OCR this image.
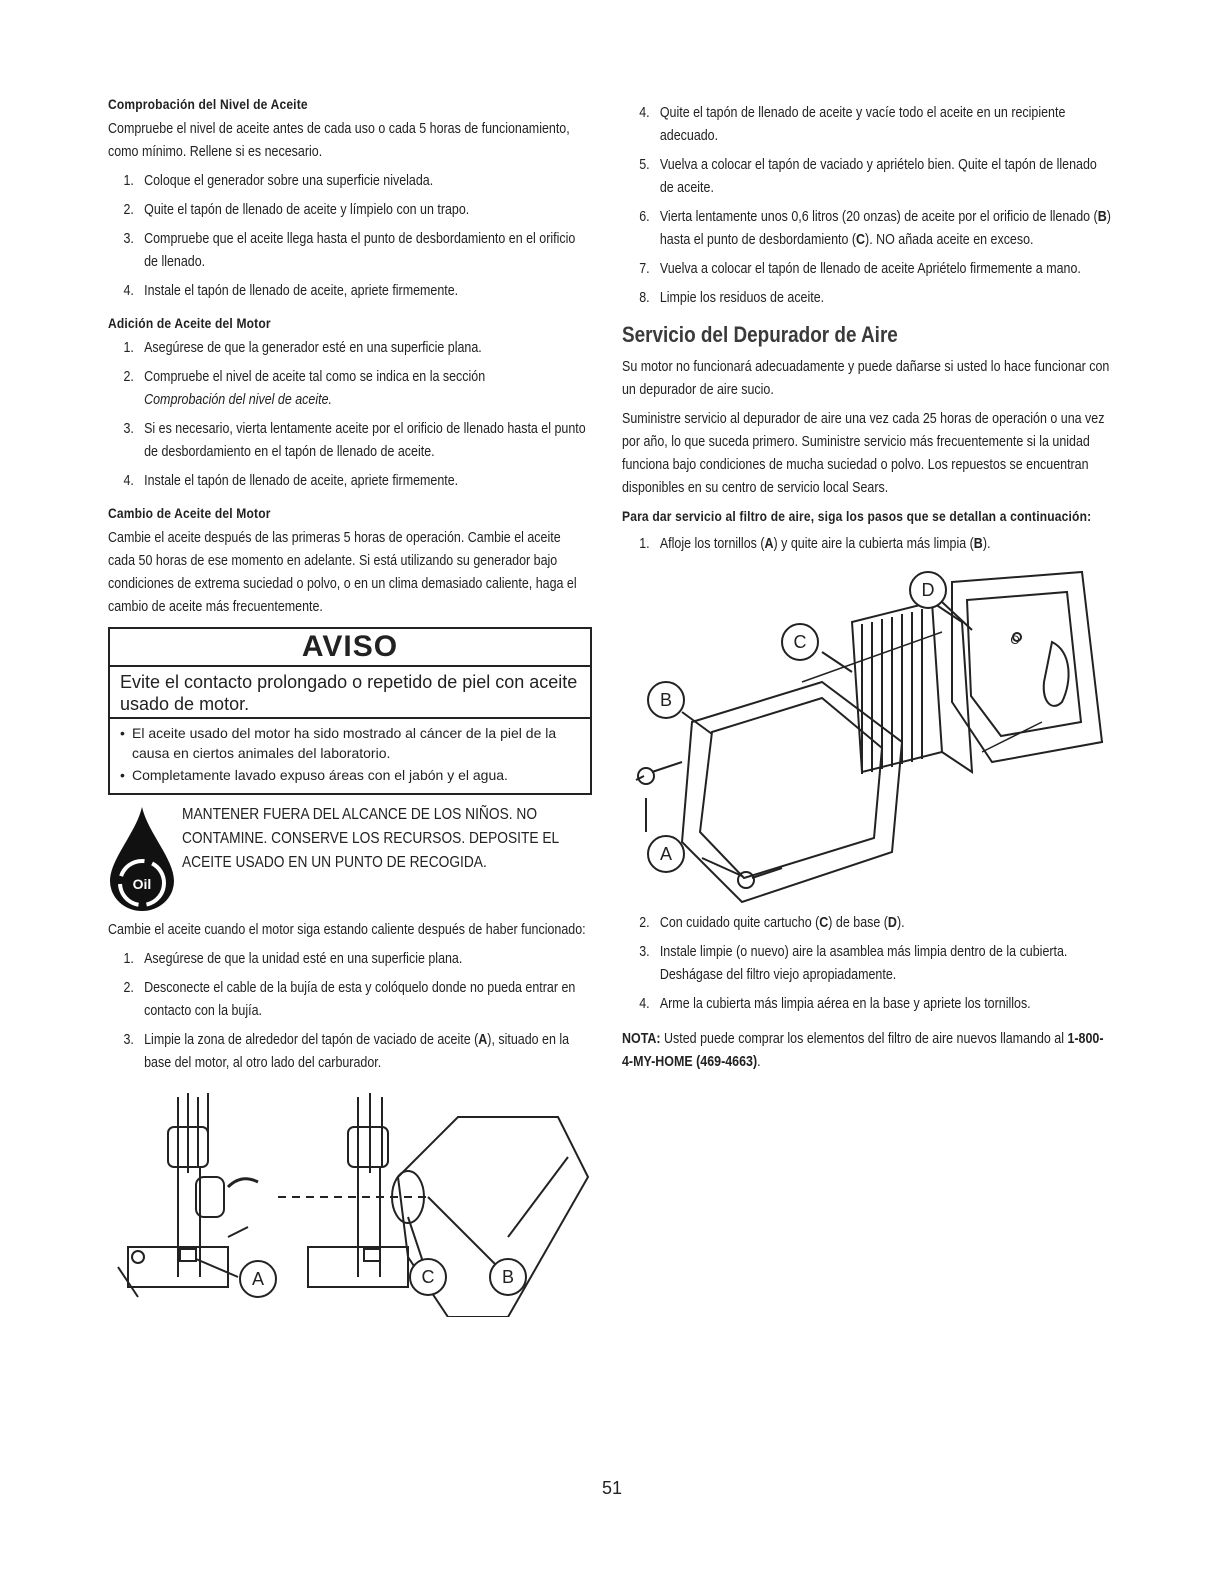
Comprobación del Nivel de Aceite

Compruebe el nivel de aceite antes de cada uso o cada 5 horas de funcionamiento, como mínimo. Rellene si es necesario.

1. Coloque el generador sobre una superficie nivelada.
2. Quite el tapón de llenado de aceite y límpielo con un trapo.
3. Compruebe que el aceite llega hasta el punto de desbordamiento en el orificio de llenado.
4. Instale el tapón de llenado de aceite, apriete firmemente.
Adición de Aceite del Motor
1. Asegúrese de que la generador esté en una superficie plana.
2. Compruebe el nivel de aceite tal como se indica en la sección
Comprobación del nivel de aceite.
3. Si es necesario, vierta lentamente aceite por el orificio de llenado hasta el punto de desbordamiento en el tapón de llenado de aceite.
4. Instale el tapón de llenado de aceite, apriete firmemente.
Cambio de Aceite del Motor

Cambie el aceite después de las primeras 5 horas de operación. Cambie el aceite cada 50 horas de ese momento en adelante. Si está utilizando su generador bajo condiciones de extrema suciedad o polvo, o en un clima demasiado caliente, haga el cambio de aceite más frecuentemente.

AVISO
Evite el contacto prolongado o repetido de piel con aceite usado de motor.
• El aceite usado del motor ha sido mostrado al cáncer de la piel de la causa en ciertos animales del laboratorio.
• Completamente lavado expuso áreas con el jabón y el agua.
Oil
MANTENER FUERA DEL ALCANCE DE LOS NIÑOS. NO CONTAMINE. CONSERVE LOS RECURSOS. DEPOSITE EL ACEITE USADO EN UN PUNTO DE RECOGIDA.

Cambie el aceite cuando el motor siga estando caliente después de haber funcionado:

1. Asegúrese de que la unidad esté en una superficie plana.
2. Desconecte el cable de la bujía de esta y colóquelo donde no pueda entrar en contacto con la bujía.
3. Limpie la zona de alrededor del tapón de vaciado de aceite (A), situado en la base del motor, al otro lado del carburador.
A	C	B
4. Quite el tapón de llenado de aceite y vacíe todo el aceite en un recipiente adecuado.
5. Vuelva a colocar el tapón de vaciado y apriételo bien. Quite el tapón de llenado de aceite.
6. Vierta lentamente unos 0,6 litros (20 onzas) de aceite por el orificio de llenado (B) hasta el punto de desbordamiento (C). NO añada aceite en exceso.
7. Vuelva a colocar el tapón de llenado de aceite Apriételo firmemente a mano.
8. Limpie los residuos de aceite.
Servicio del Depurador de Aire

Su motor no funcionará adecuadamente y puede dañarse si usted lo hace funcionar con un depurador de aire sucio.

Suministre servicio al depurador de aire una vez cada 25 horas de operación o una vez por año, lo que suceda primero. Suministre servicio más frecuentemente si la unidad funciona bajo condiciones de mucha suciedad o polvo. Los repuestos se encuentran disponibles en su centro de servicio local Sears.

Para dar servicio al filtro de aire, siga los pasos que se detallan a continuación:
1. Afloje los tornillos (A) y quite aire la cubierta más limpia (B).
D
C
B
A
O
2. Con cuidado quite cartucho (C) de base (D).
3. Instale limpie (o nuevo) aire la asamblea más limpia dentro de la cubierta. Deshágase del filtro viejo apropiadamente.
4. Arme la cubierta más limpia aérea en la base y apriete los tornillos.

NOTA: Usted puede comprar los elementos del filtro de aire nuevos llamando al 1-800-4-MY-HOME (469-4663).

51
